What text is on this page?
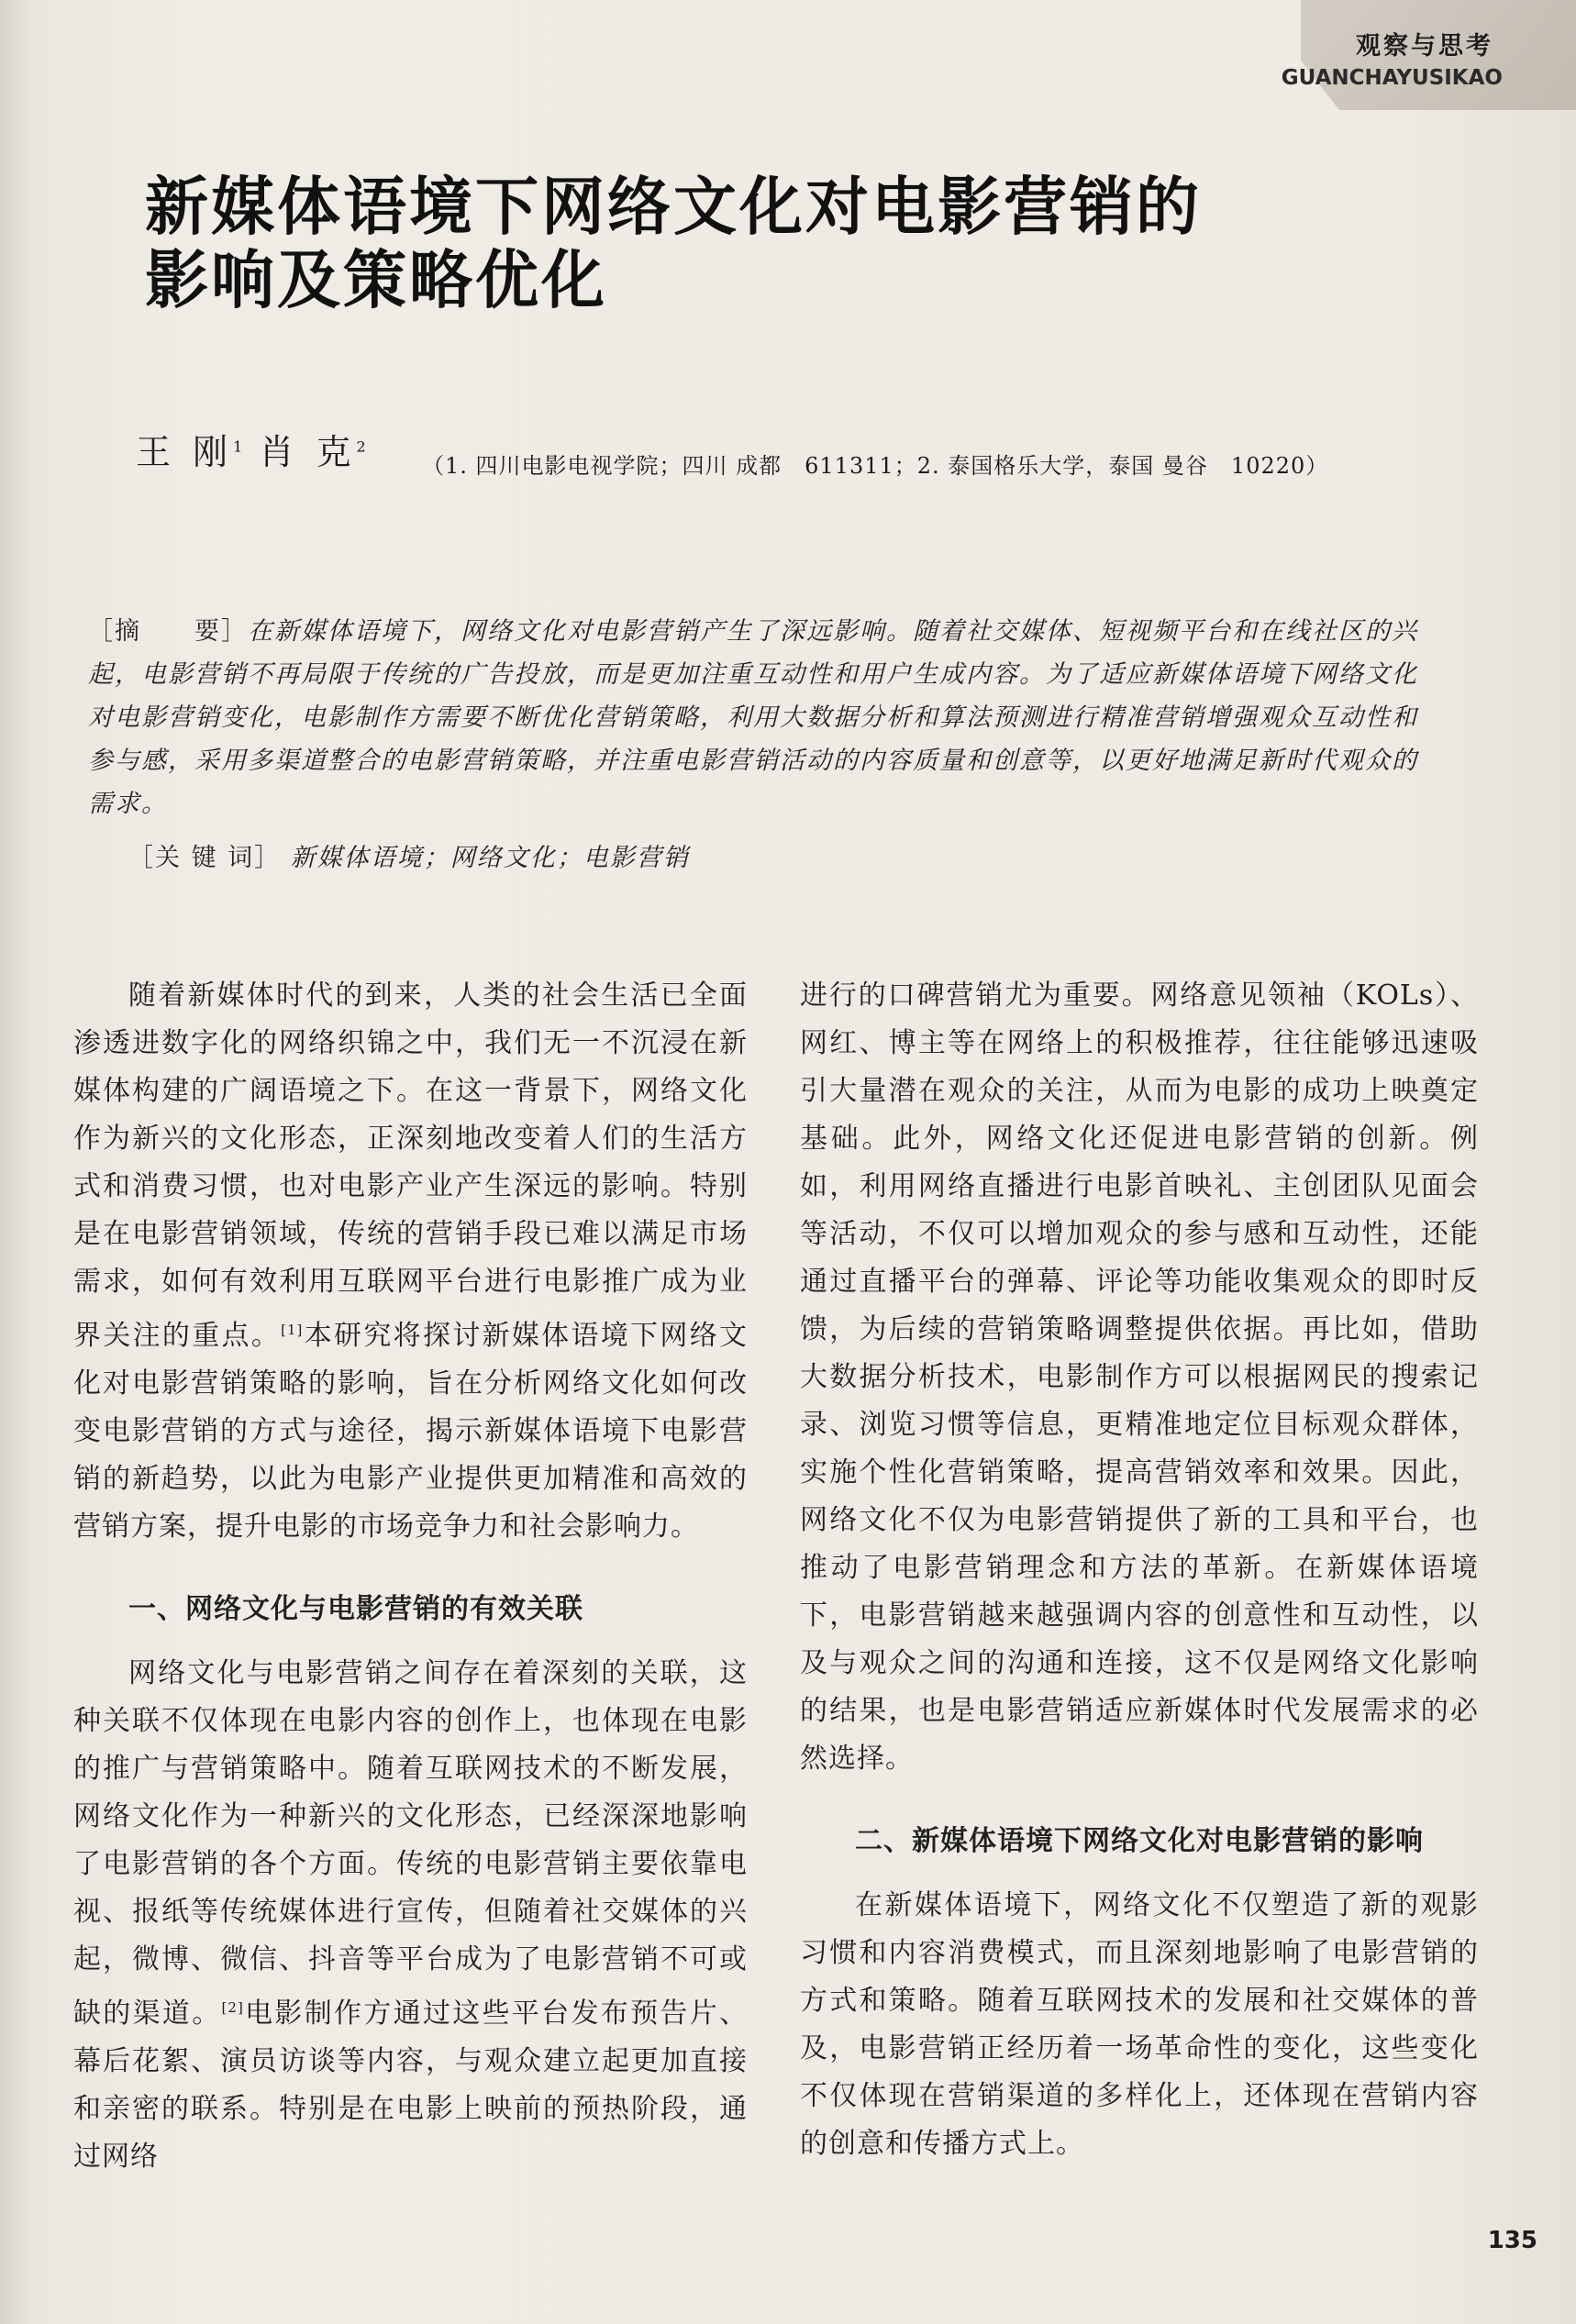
观察与思考
GUANCHAYUSIKAO
新媒体语境下网络文化对电影营销的
影响及策略优化
王 刚$^1$ 肖 克$^2$
（1. 四川电影电视学院；四川 成都　611311；2. 泰国格乐大学，泰国 曼谷　10220）
［摘　　要］在新媒体语境下，网络文化对电影营销产生了深远影响。随着社交媒体、短视频平台和在线社区的兴起，电影营销不再局限于传统的广告投放，而是更加注重互动性和用户生成内容。为了适应新媒体语境下网络文化对电影营销变化，电影制作方需要不断优化营销策略，利用大数据分析和算法预测进行精准营销增强观众互动性和参与感，采用多渠道整合的电影营销策略，并注重电影营销活动的内容质量和创意等，以更好地满足新时代观众的需求。
［关 键 词］ 新媒体语境；网络文化；电影营销

随着新媒体时代的到来，人类的社会生活已全面渗透进数字化的网络织锦之中，我们无一不沉浸在新媒体构建的广阔语境之下。在这一背景下，网络文化作为新兴的文化形态，正深刻地改变着人们的生活方式和消费习惯，也对电影产业产生深远的影响。特别是在电影营销领域，传统的营销手段已难以满足市场需求，如何有效利用互联网平台进行电影推广成为业界关注的重点。[1]本研究将探讨新媒体语境下网络文化对电影营销策略的影响，旨在分析网络文化如何改变电影营销的方式与途径，揭示新媒体语境下电影营销的新趋势，以此为电影产业提供更加精准和高效的营销方案，提升电影的市场竞争力和社会影响力。

一、网络文化与电影营销的有效关联

网络文化与电影营销之间存在着深刻的关联，这种关联不仅体现在电影内容的创作上，也体现在电影的推广与营销策略中。随着互联网技术的不断发展，网络文化作为一种新兴的文化形态，已经深深地影响了电影营销的各个方面。传统的电影营销主要依靠电视、报纸等传统媒体进行宣传，但随着社交媒体的兴起，微博、微信、抖音等平台成为了电影营销不可或缺的渠道。[2]电影制作方通过这些平台发布预告片、幕后花絮、演员访谈等内容，与观众建立起更加直接和亲密的联系。特别是在电影上映前的预热阶段，通过网络

进行的口碑营销尤为重要。网络意见领袖（KOLs）、网红、博主等在网络上的积极推荐，往往能够迅速吸引大量潜在观众的关注，从而为电影的成功上映奠定基础。此外，网络文化还促进电影营销的创新。例如，利用网络直播进行电影首映礼、主创团队见面会等活动，不仅可以增加观众的参与感和互动性，还能通过直播平台的弹幕、评论等功能收集观众的即时反馈，为后续的营销策略调整提供依据。再比如，借助大数据分析技术，电影制作方可以根据网民的搜索记录、浏览习惯等信息，更精准地定位目标观众群体，实施个性化营销策略，提高营销效率和效果。因此，网络文化不仅为电影营销提供了新的工具和平台，也推动了电影营销理念和方法的革新。在新媒体语境下，电影营销越来越强调内容的创意性和互动性，以及与观众之间的沟通和连接，这不仅是网络文化影响的结果，也是电影营销适应新媒体时代发展需求的必然选择。

二、新媒体语境下网络文化对电影营销的影响

在新媒体语境下，网络文化不仅塑造了新的观影习惯和内容消费模式，而且深刻地影响了电影营销的方式和策略。随着互联网技术的发展和社交媒体的普及，电影营销正经历着一场革命性的变化，这些变化不仅体现在营销渠道的多样化上，还体现在营销内容的创意和传播方式上。

135
